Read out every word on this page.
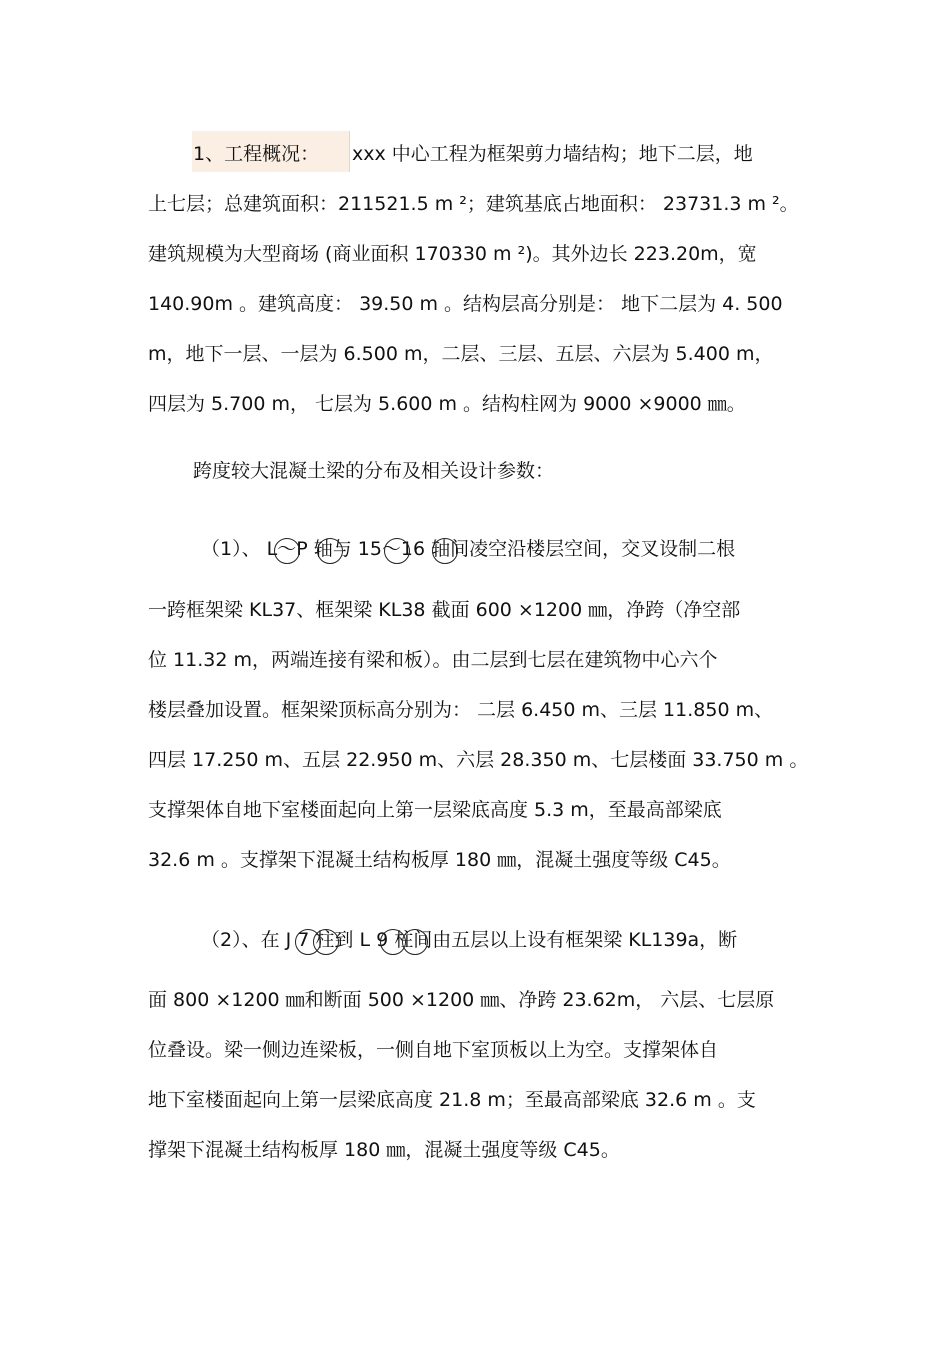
1、工程概况： xxx 中心工程为框架剪力墙结构；地下二层，地

上七层；总建筑面积：211521.5 m ²；建筑基底占地面积： 23731.3 m ²。

建筑规模为大型商场 (商业面积 170330 m ²)。其外边长 223.20m，宽

140.90m 。建筑高度： 39.50 m 。结构层高分别是： 地下二层为 4. 500

m，地下一层、一层为 6.500 m，二层、三层、五层、六层为 5.400 m，

四层为 5.700 m， 七层为 5.600 m 。结构柱网为 9000 ×9000 ㎜。

跨度较大混凝土梁的分布及相关设计参数：

（1）、 L～P 轴与 15～16 轴间凌空沿楼层空间，交叉设制二根

一跨框架梁 KL37、框架梁 KL38 截面 600 ×1200 ㎜，净跨（净空部

位 11.32 m，两端连接有梁和板）。由二层到七层在建筑物中心六个

楼层叠加设置。框架梁顶标高分别为： 二层 6.450 m、三层 11.850 m、

四层 17.250 m、五层 22.950 m、六层 28.350 m、七层楼面 33.750 m 。

支撑架体自地下室楼面起向上第一层梁底高度 5.3 m，至最高部梁底

32.6 m 。支撑架下混凝土结构板厚 180 ㎜，混凝土强度等级 C45。

（2）、在 J 7 柱到 L 9 柱间由五层以上设有框架梁 KL139a，断

面 800 ×1200 ㎜和断面 500 ×1200 ㎜、净跨 23.62m， 六层、七层原

位叠设。梁一侧边连梁板，一侧自地下室顶板以上为空。支撑架体自

地下室楼面起向上第一层梁底高度 21.8 m；至最高部梁底 32.6 m 。支

撑架下混凝土结构板厚 180 ㎜，混凝土强度等级 C45。
